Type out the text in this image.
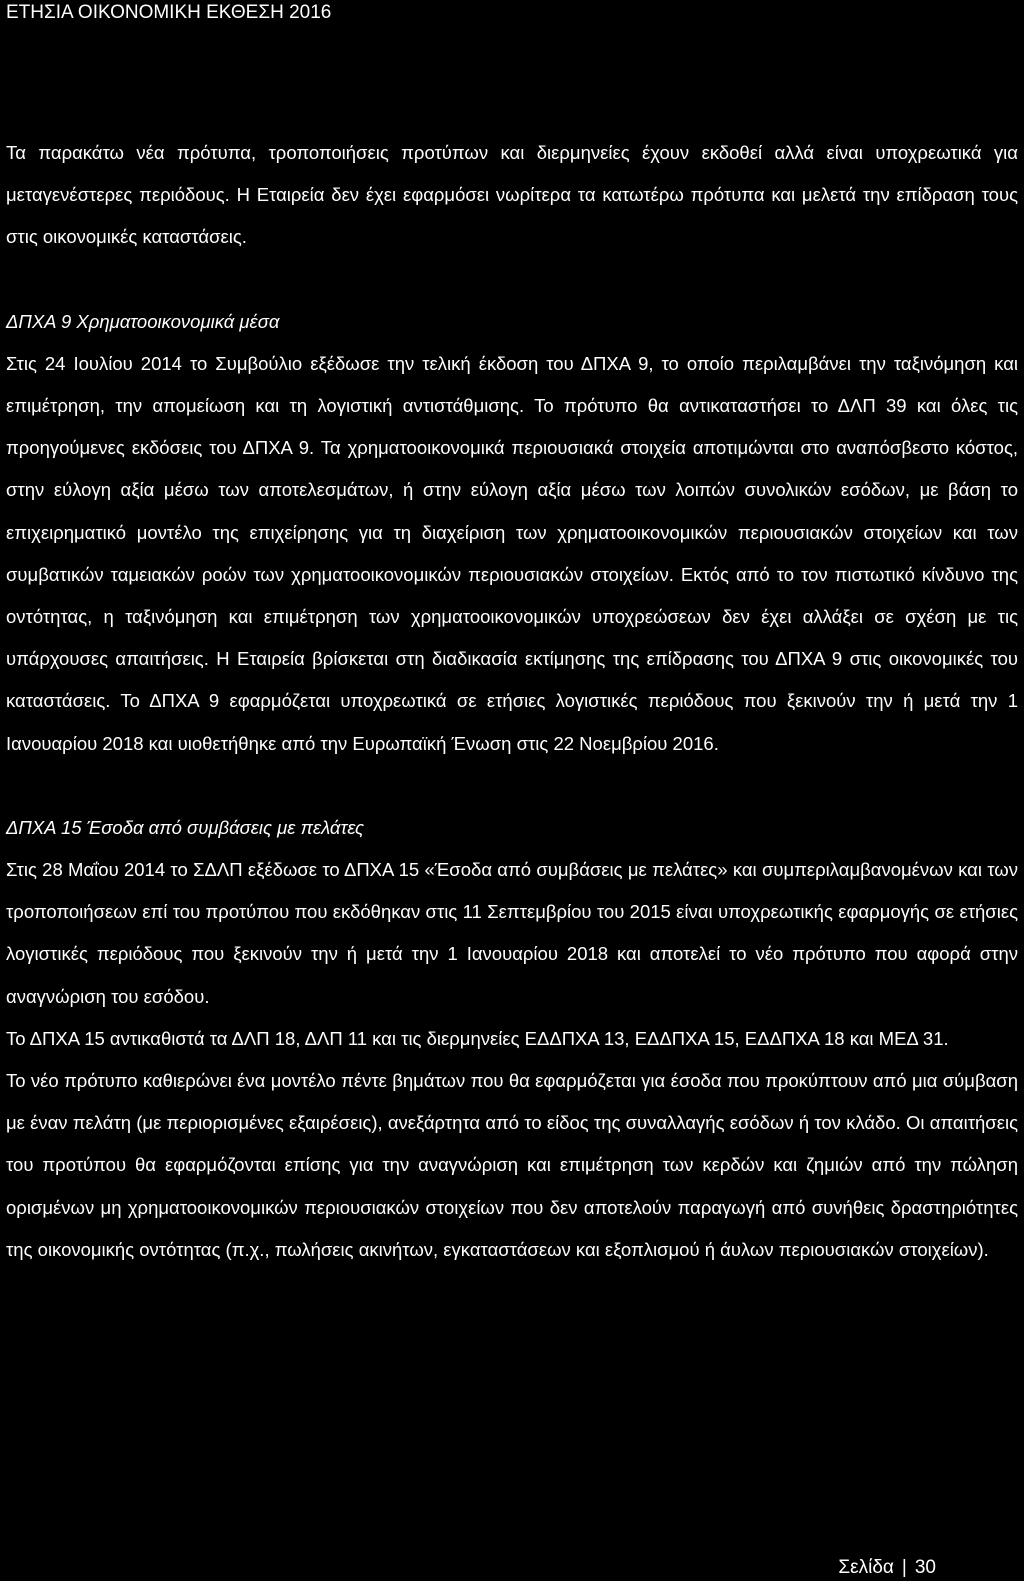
ΕΤΗΣΙΑ ΟΙΚΟΝΟΜΙΚΗ ΕΚΘΕΣΗ 2016

Τα παρακάτω νέα πρότυπα, τροποποιήσεις προτύπων και διερμηνείες έχουν εκδοθεί αλλά είναι υποχρεωτικά για μεταγενέστερες περιόδους. Η Εταιρεία δεν έχει εφαρμόσει νωρίτερα τα κατωτέρω πρότυπα και μελετά την επίδραση τους στις οικονομικές καταστάσεις.

ΔΠΧΑ 9 Χρηματοοικονομικά μέσα

Στις 24 Ιουλίου 2014 το Συμβούλιο εξέδωσε την τελική έκδοση του ΔΠΧΑ 9, το οποίο περιλαμβάνει την ταξινόμηση και επιμέτρηση, την απομείωση και τη λογιστική αντιστάθμισης. Το πρότυπο θα αντικαταστήσει το ΔΛΠ 39 και όλες τις προηγούμενες εκδόσεις του ΔΠΧΑ 9. Τα χρηματοοικονομικά περιουσιακά στοιχεία αποτιμώνται στο αναπόσβεστο κόστος, στην εύλογη αξία μέσω των αποτελεσμάτων, ή στην εύλογη αξία μέσω των λοιπών συνολικών εσόδων, με βάση το επιχειρηματικό μοντέλο της επιχείρησης για τη διαχείριση των χρηματοοικονομικών περιουσιακών στοιχείων και των συμβατικών ταμειακών ροών των χρηματοοικονομικών περιουσιακών στοιχείων. Εκτός από το τον πιστωτικό κίνδυνο της οντότητας, η ταξινόμηση και επιμέτρηση των χρηματοοικονομικών υποχρεώσεων δεν έχει αλλάξει σε σχέση με τις υπάρχουσες απαιτήσεις. Η Εταιρεία βρίσκεται στη διαδικασία εκτίμησης της επίδρασης του ΔΠΧΑ 9 στις οικονομικές του καταστάσεις. Το ΔΠΧΑ 9 εφαρμόζεται υποχρεωτικά σε ετήσιες λογιστικές περιόδους που ξεκινούν την ή μετά την 1 Ιανουαρίου 2018 και υιοθετήθηκε από την Ευρωπαϊκή Ένωση στις 22 Νοεμβρίου 2016.

ΔΠΧΑ 15 Έσοδα από συμβάσεις με πελάτες

Στις 28 Μαΐου 2014 το ΣΔΛΠ εξέδωσε το ΔΠΧΑ 15 «Έσοδα από συμβάσεις με πελάτες» και συμπεριλαμβανομένων και των τροποποιήσεων επί του προτύπου που εκδόθηκαν στις 11 Σεπτεμβρίου του 2015 είναι υποχρεωτικής εφαρμογής σε ετήσιες λογιστικές περιόδους που ξεκινούν την ή μετά την 1 Ιανουαρίου 2018 και αποτελεί το νέο πρότυπο που αφορά στην αναγνώριση του εσόδου.

Το ΔΠΧΑ 15 αντικαθιστά τα ΔΛΠ 18, ΔΛΠ 11 και τις διερμηνείες ΕΔΔΠΧΑ 13, ΕΔΔΠΧΑ 15, ΕΔΔΠΧΑ 18 και ΜΕΔ 31.

Το νέο πρότυπο καθιερώνει ένα μοντέλο πέντε βημάτων που θα εφαρμόζεται για έσοδα που προκύπτουν από μια σύμβαση με έναν πελάτη (με περιορισμένες εξαιρέσεις), ανεξάρτητα από το είδος της συναλλαγής εσόδων ή τον κλάδο. Οι απαιτήσεις του προτύπου θα εφαρμόζονται επίσης για την αναγνώριση και επιμέτρηση των κερδών και ζημιών από την πώληση ορισμένων μη χρηματοοικονομικών περιουσιακών στοιχείων που δεν αποτελούν παραγωγή από συνήθεις δραστηριότητες της οικονομικής οντότητας (π.χ., πωλήσεις ακινήτων, εγκαταστάσεων και εξοπλισμού ή άυλων περιουσιακών στοιχείων).

Σελίδα | 30
